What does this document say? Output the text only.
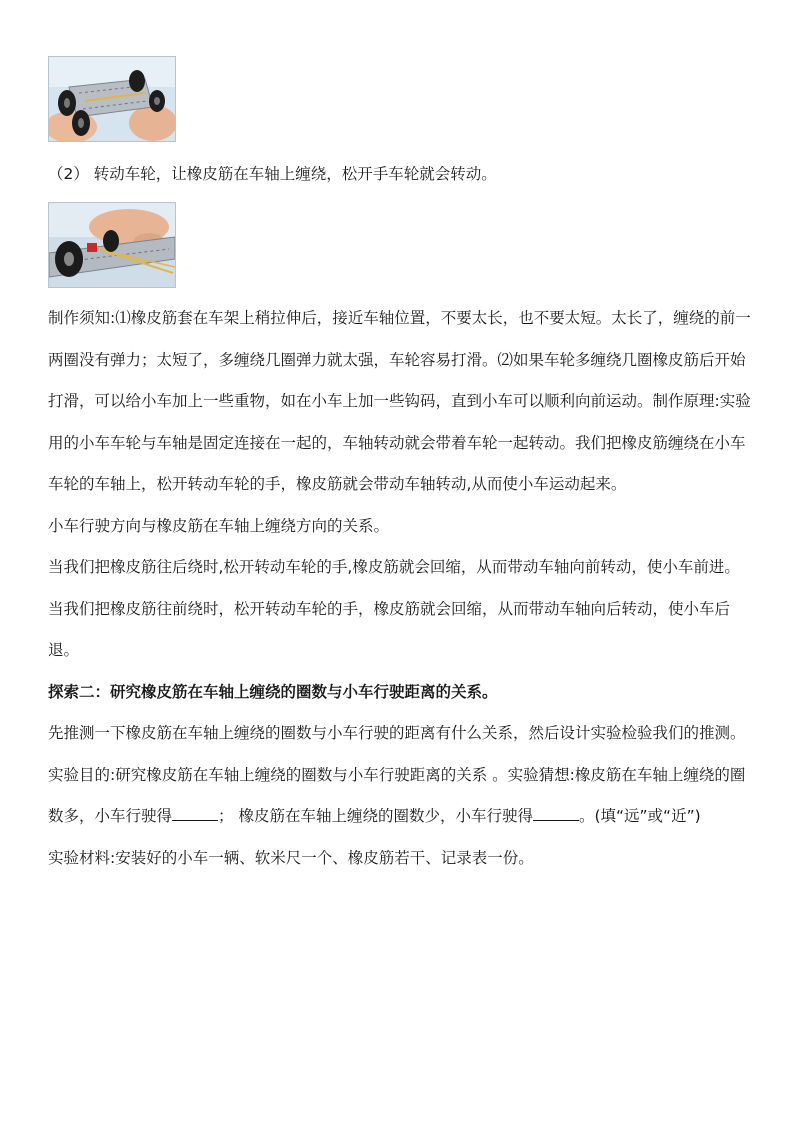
（2） 转动车轮，让橡皮筋在车轴上缠绕，松开手车轮就会转动。

制作须知:⑴橡皮筋套在车架上稍拉伸后，接近车轴位置，不要太长，也不要太短。太长了，缠绕的前一两圈没有弹力；太短了，多缠绕几圈弹力就太强，车轮容易打滑。⑵如果车轮多缠绕几圈橡皮筋后开始打滑，可以给小车加上一些重物，如在小车上加一些钩码，直到小车可以顺利向前运动。制作原理:实验用的小车车轮与车轴是固定连接在一起的，车轴转动就会带着车轮一起转动。我们把橡皮筋缠绕在小车车轮的车轴上，松开转动车轮的手，橡皮筋就会带动车轴转动,从而使小车运动起来。

小车行驶方向与橡皮筋在车轴上缠绕方向的关系。

当我们把橡皮筋往后绕时,松开转动车轮的手,橡皮筋就会回缩，从而带动车轴向前转动，使小车前进。

当我们把橡皮筋往前绕时，松开转动车轮的手，橡皮筋就会回缩，从而带动车轴向后转动，使小车后退。

探索二：研究橡皮筋在车轴上缠绕的圈数与小车行驶距离的关系。

先推测一下橡皮筋在车轴上缠绕的圈数与小车行驶的距离有什么关系，然后设计实验检验我们的推测。

实验目的:研究橡皮筋在车轴上缠绕的圈数与小车行驶距离的关系 。实验猜想:橡皮筋在车轴上缠绕的圈数多，小车行驶得	； 橡皮筋在车轴上缠绕的圈数少，小车行驶得	。(填“远”或“近”)

实验材料:安装好的小车一辆、软米尺一个、橡皮筋若干、记录表一份。
